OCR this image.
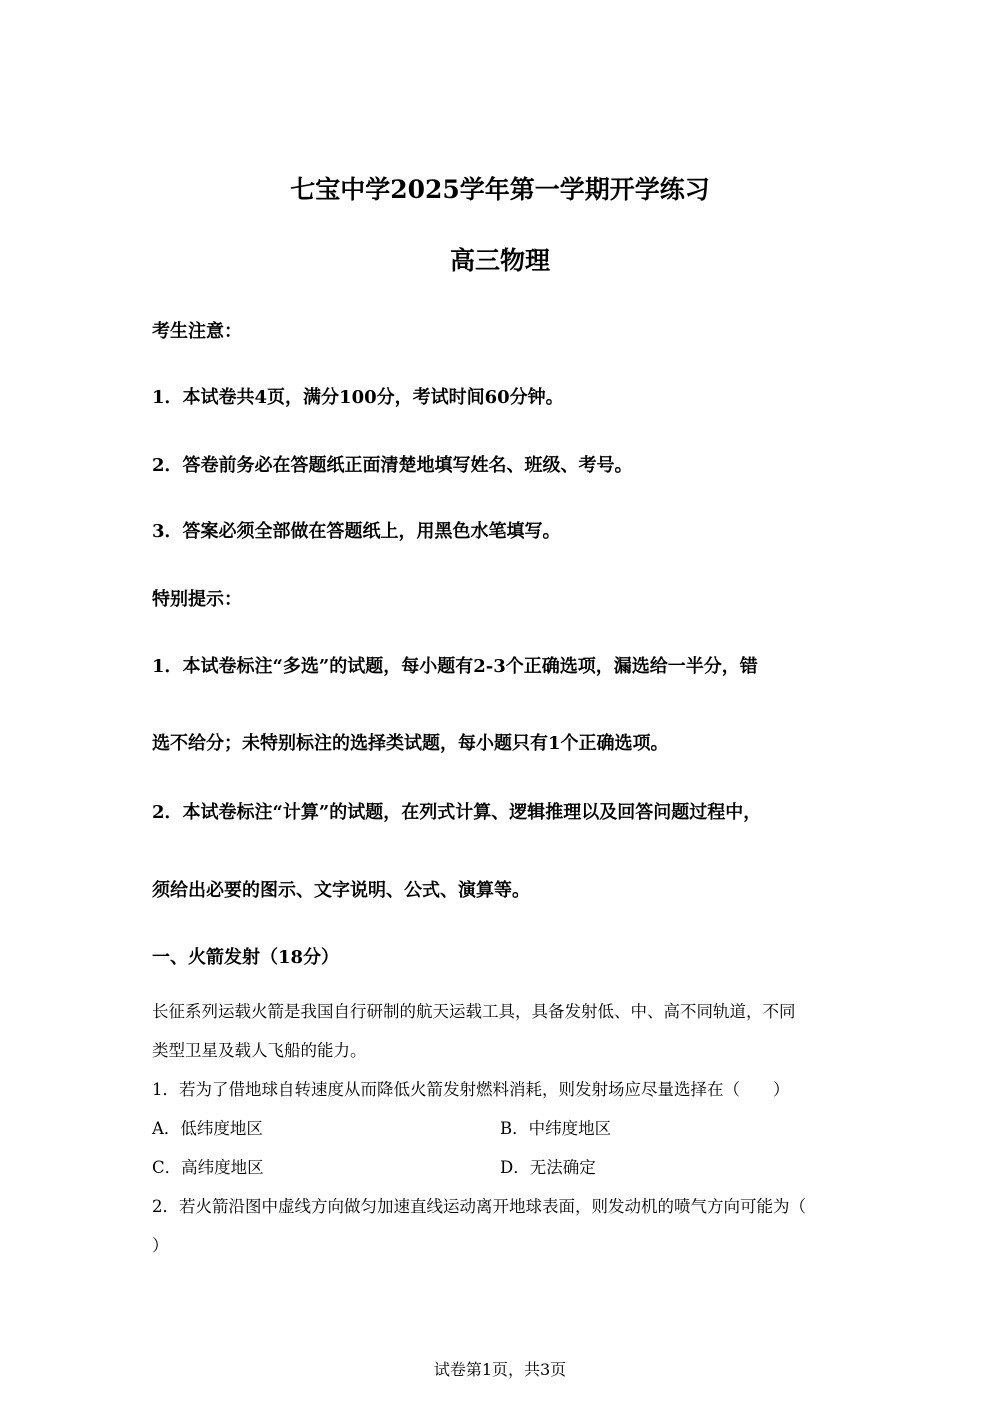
七宝中学2025学年第一学期开学练习
高三物理
考生注意：
1．本试卷共4页，满分100分，考试时间60分钟。
2．答卷前务必在答题纸正面清楚地填写姓名、班级、考号。
3．答案必须全部做在答题纸上，用黑色水笔填写。
特别提示：
1．本试卷标注“多选”的试题，每小题有2-3个正确选项，漏选给一半分，错
选不给分；未特别标注的选择类试题，每小题只有1个正确选项。
2．本试卷标注“计算”的试题，在列式计算、逻辑推理以及回答问题过程中，
须给出必要的图示、文字说明、公式、演算等。
一、火箭发射（18分）
长征系列运载火箭是我国自行研制的航天运载工具，具备发射低、中、高不同轨道，不同
类型卫星及载人飞船的能力。
1．若为了借地球自转速度从而降低火箭发射燃料消耗，则发射场应尽量选择在（　　）
A．低纬度地区	B．中纬度地区
C．高纬度地区	D．无法确定
2．若火箭沿图中虚线方向做匀加速直线运动离开地球表面，则发动机的喷气方向可能为（
）
试卷第1页，共3页
